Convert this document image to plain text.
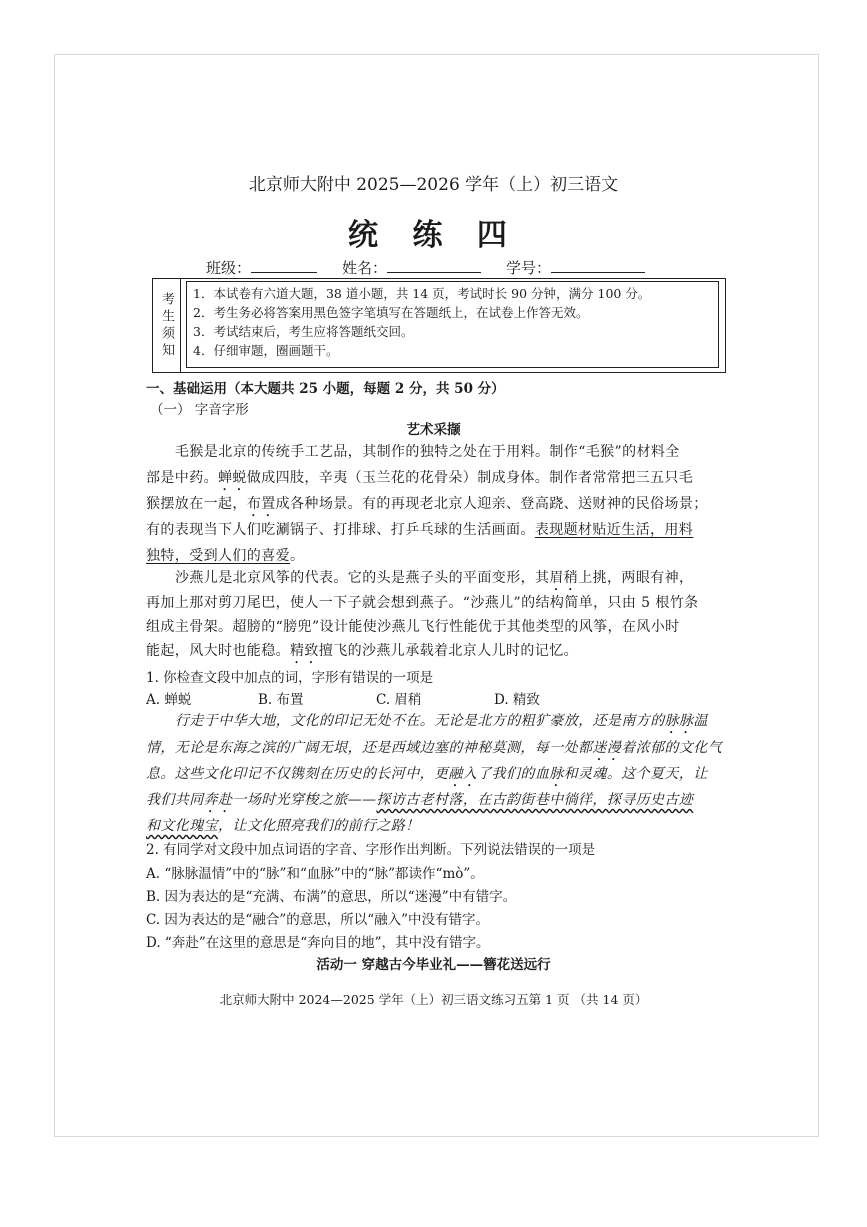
北京师大附中 2025—2026 学年（上）初三语文
统 练 四
班级：	姓名：	学号：
考生须知 1．本试卷有六道大题，38 道小题，共 14 页，考试时长 90 分钟，满分 100 分。
2．考生务必将答案用黑色签字笔填写在答题纸上，在试卷上作答无效。
3．考试结束后，考生应将答题纸交回。
4．仔细审题，圈画题干。
一、基础运用（本大题共 25 小题，每题 2 分，共 50 分）
（一） 字音字形
艺术采撷
毛猴是北京的传统手工艺品，其制作的独特之处在于用料。制作“毛猴”的材料全
部是中药。蝉蜕做成四肢，辛夷（玉兰花的花骨朵）制成身体。制作者常常把三五只毛
猴摆放在一起，布置成各种场景。有的再现老北京人迎亲、登高跷、送财神的民俗场景；
有的表现当下人们吃涮锅子、打排球、打乒乓球的生活画面。表现题材贴近生活，用料
独特，受到人们的喜爱。
沙燕儿是北京风筝的代表。它的头是燕子头的平面变形，其眉稍上挑，两眼有神，
再加上那对剪刀尾巴，使人一下子就会想到燕子。“沙燕儿”的结构简单，只由 5 根竹条
组成主骨架。超膀的“膀兜”设计能使沙燕儿飞行性能优于其他类型的风筝，在风小时
能起，风大时也能稳。精致擅飞的沙燕儿承载着北京人儿时的记忆。
1. 你检查文段中加点的词，字形有错误的一项是
A. 蝉蜕	B. 布置	C. 眉稍	D. 精致
行走于中华大地，文化的印记无处不在。无论是北方的粗犷豪放，还是南方的脉脉温
情，无论是东海之滨的广阔无垠，还是西域边塞的神秘莫测，每一处都迷漫着浓郁的文化气
息。这些文化印记不仅镌刻在历史的长河中，更融入了我们的血脉和灵魂。这个夏天，让
我们共同奔赴一场时光穿梭之旅——探访古老村落，在古韵街巷中徜徉，探寻历史古迹
和文化瑰宝，让文化照亮我们的前行之路！
2. 有同学对文段中加点词语的字音、字形作出判断。下列说法错误的一项是
A. “脉脉温情”中的“脉”和“血脉”中的“脉”都读作“mò”。
B. 因为表达的是“充满、布满”的意思，所以“迷漫”中有错字。
C. 因为表达的是“融合”的意思，所以“融入”中没有错字。
D. “奔赴”在这里的意思是“奔向目的地”，其中没有错字。
活动一 穿越古今毕业礼——簪花送远行
北京师大附中 2024—2025 学年（上）初三语文练习五第 1 页 （共 14 页）
